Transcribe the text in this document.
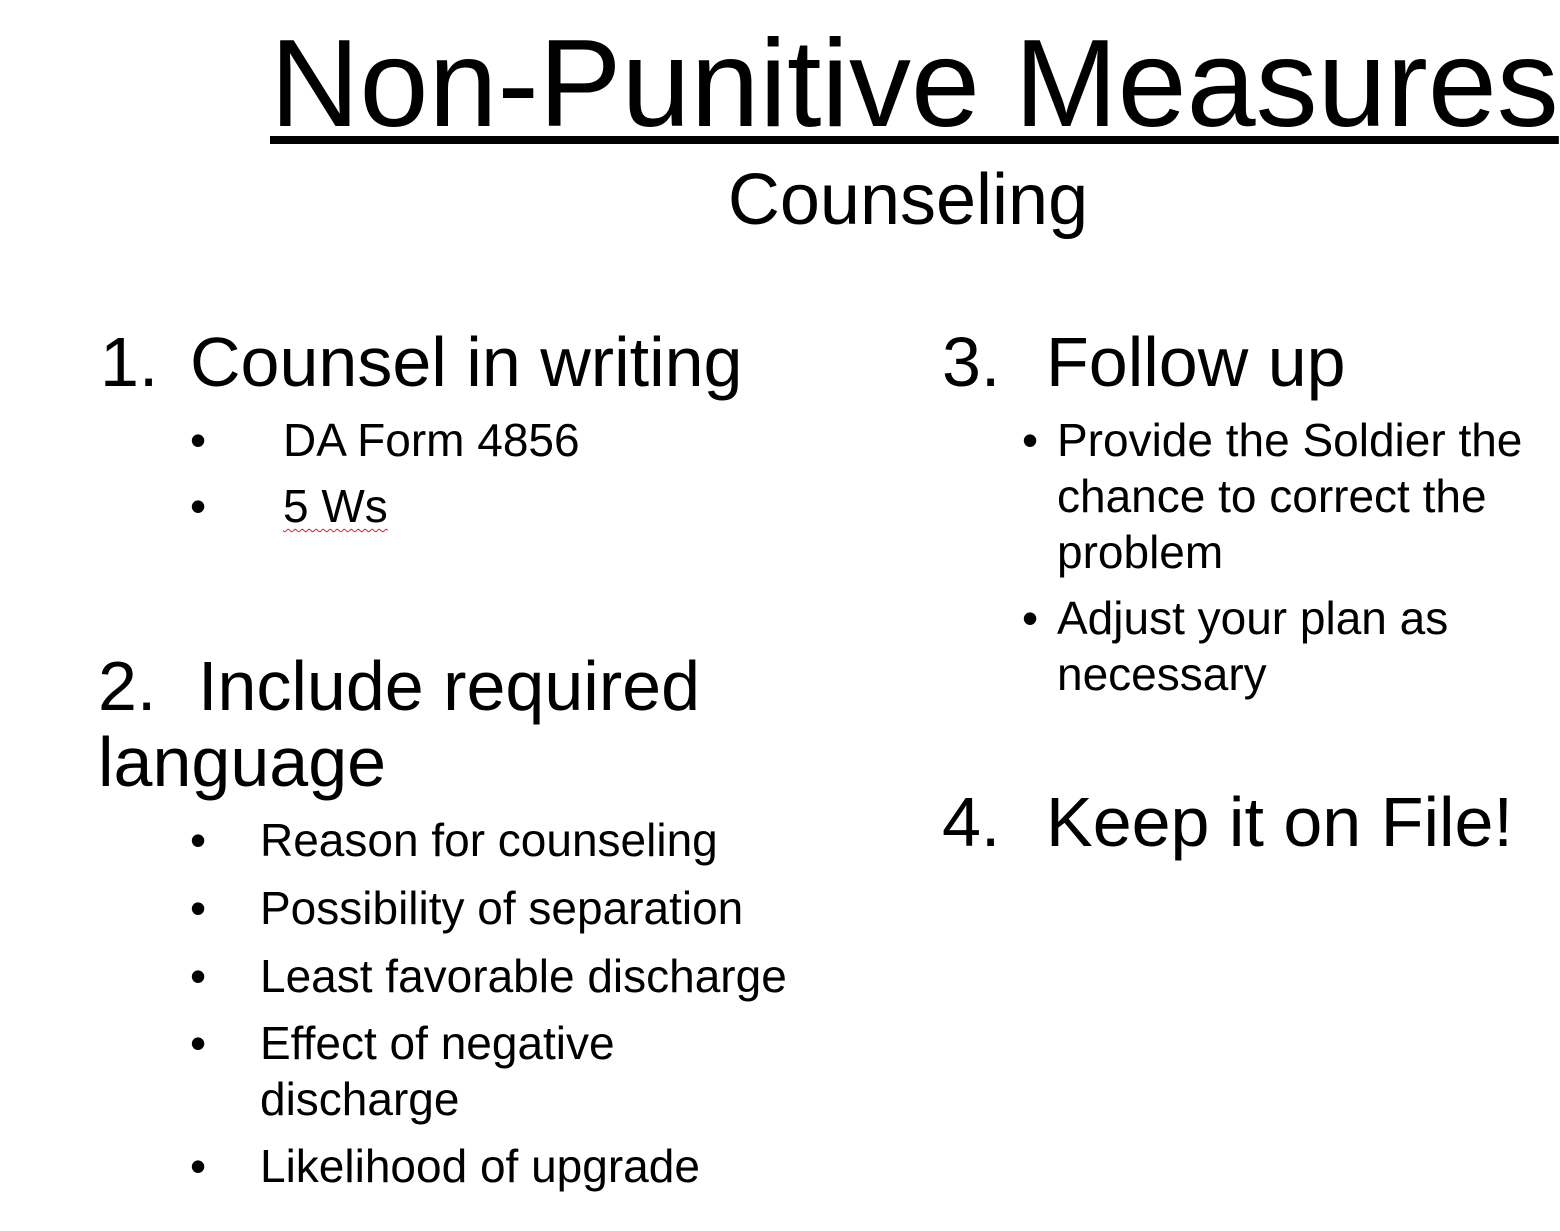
Non-Punitive Measures
Counseling
1. Counsel in writing
• DA Form 4856
• 5 Ws
2. Include required
language
• Reason for counseling
• Possibility of separation
• Least favorable discharge
• Effect of negative
discharge
• Likelihood of upgrade
3. Follow up
• Provide the Soldier the
chance to correct the
problem
• Adjust your plan as
necessary
4. Keep it on File!
